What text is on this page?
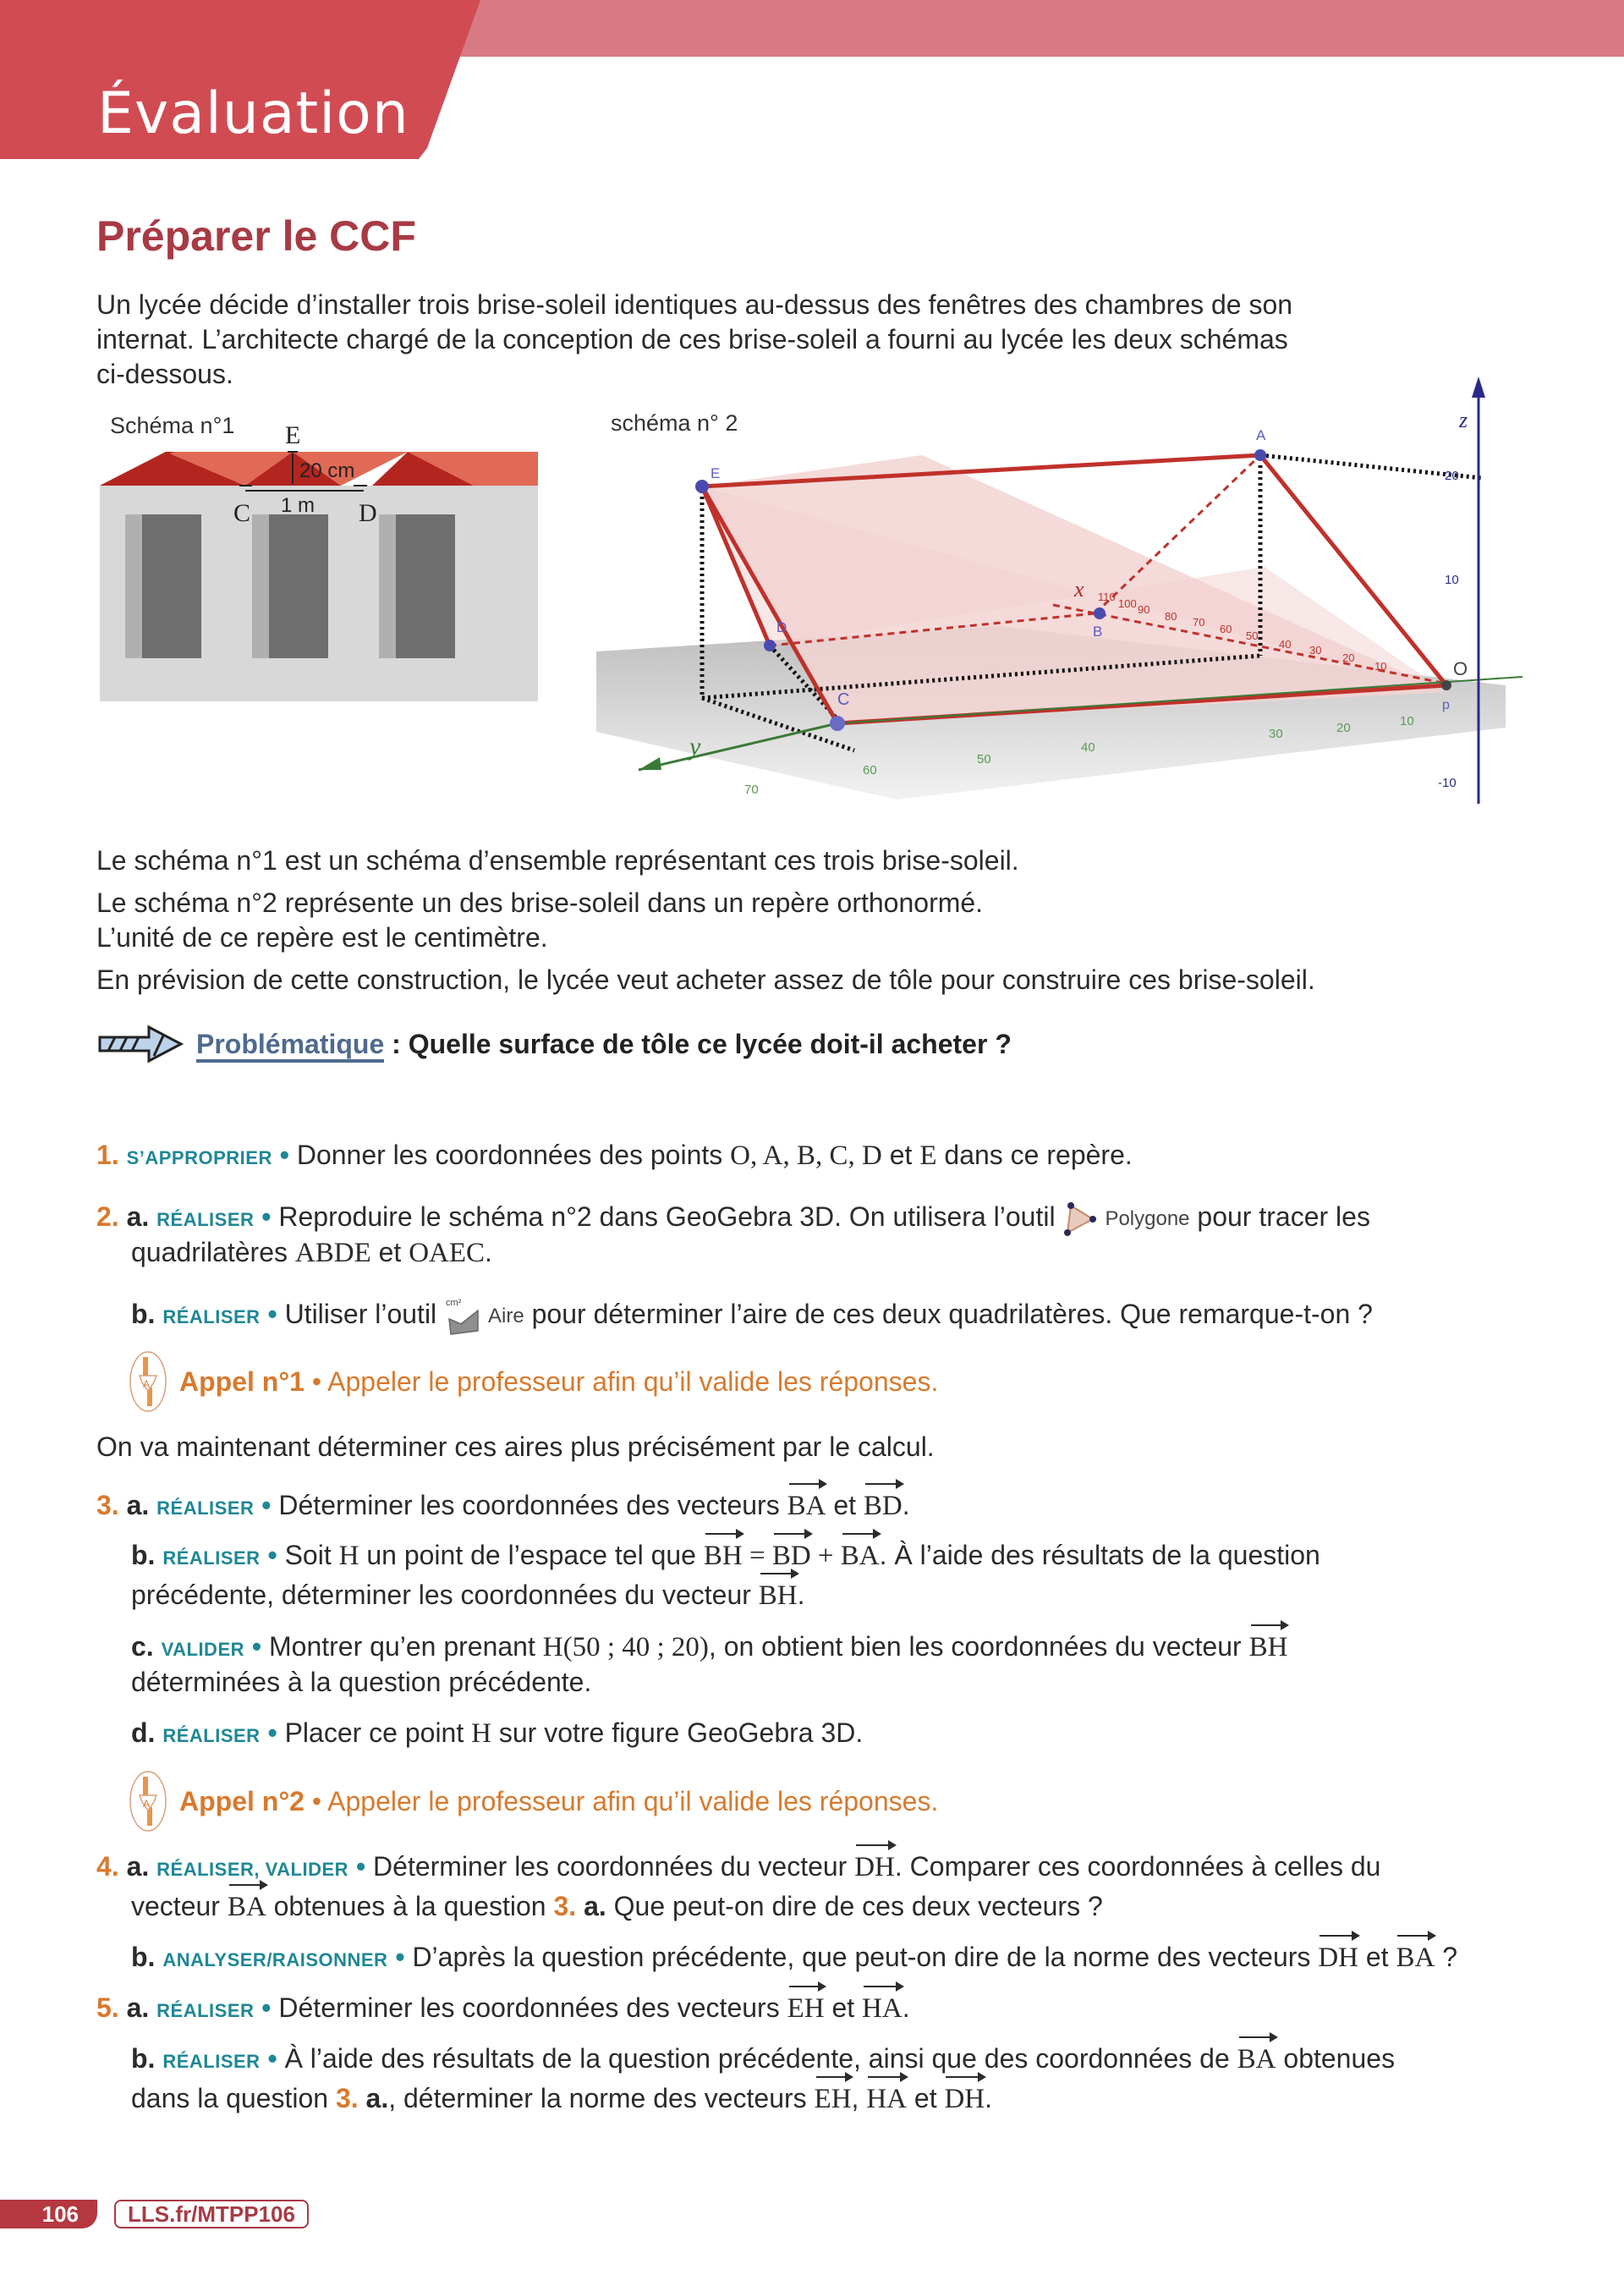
Évaluation
Préparer le CCF
Un lycée décide d’installer trois brise-soleil identiques au-dessus des fenêtres des chambres de son
internat. L’architecte chargé de la conception de ces brise-soleil a fourni au lycée les deux schémas
ci-dessous.
Schéma n°1 E
20 cm
1 m
C	D
schéma n° 2
E
A
D	B
C
O
p
x
y
z
110
100 90
80 70
60
50
40 30
20
10
10
20
30
40
50
60
70
20
10
-10
Le schéma n°1 est un schéma d’ensemble représentant ces trois brise-soleil.
Le schéma n°2 représente un des brise-soleil dans un repère orthonormé.
L’unité de ce repère est le centimètre.
En prévision de cette construction, le lycée veut acheter assez de tôle pour construire ces brise-soleil.
Problématique : Quelle surface de tôle ce lycée doit-il acheter ?
1. S’APPROPRIER • Donner les coordonnées des points O, A, B, C, D et E dans ce repère.
2. a. RÉALISER • Reproduire le schéma n°2 dans GeoGebra 3D. On utilisera l’outil Polygone pour tracer les
quadrilatères ABDE et OAEC.
b. RÉALISER • Utiliser l’outil cm²
Aire pour déterminer l’aire de ces deux quadrilatères. Que remarque-t-on ?
A Appel n°1 • Appeler le professeur afin qu’il valide les réponses.
On va maintenant déterminer ces aires plus précisément par le calcul.
3. a. RÉALISER • Déterminer les coordonnées des vecteurs BA et BD.
b. RÉALISER • Soit H un point de l’espace tel que BH = BD + BA. À l’aide des résultats de la question
précédente, déterminer les coordonnées du vecteur BH.
c. VALIDER • Montrer qu’en prenant H(50 ; 40 ; 20), on obtient bien les coordonnées du vecteur BH
déterminées à la question précédente.
d. RÉALISER • Placer ce point H sur votre figure GeoGebra 3D.
A Appel n°2 • Appeler le professeur afin qu’il valide les réponses.
4. a. RÉALISER, VALIDER • Déterminer les coordonnées du vecteur DH. Comparer ces coordonnées à celles du
vecteur BA obtenues à la question 3. a. Que peut-on dire de ces deux vecteurs ?
b. ANALYSER/RAISONNER • D’après la question précédente, que peut-on dire de la norme des vecteurs DH et BA ?
5. a. RÉALISER • Déterminer les coordonnées des vecteurs EH et HA.
b. RÉALISER • À l’aide des résultats de la question précédente, ainsi que des coordonnées de BA obtenues
dans la question 3. a., déterminer la norme des vecteurs EH, HA et DH.
106	LLS.fr/MTPP106
